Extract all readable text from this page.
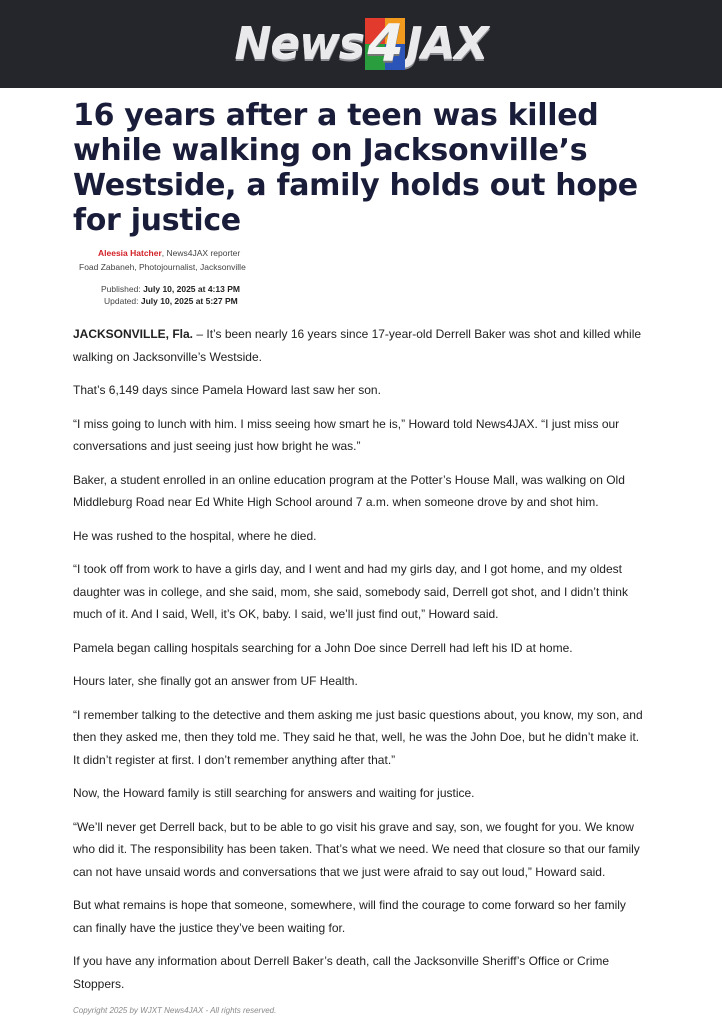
News 4 JAX
16 years after a teen was killed while walking on Jacksonville’s Westside, a family holds out hope for justice
Aleesia Hatcher, News4JAX reporter
Foad Zabaneh, Photojournalist, Jacksonville
Published: July 10, 2025 at 4:13 PM
Updated: July 10, 2025 at 5:27 PM

JACKSONVILLE, Fla. – It’s been nearly 16 years since 17-year-old Derrell Baker was shot and killed while walking on Jacksonville’s Westside.

That’s 6,149 days since Pamela Howard last saw her son.

“I miss going to lunch with him. I miss seeing how smart he is,” Howard told News4JAX. “I just miss our conversations and just seeing just how bright he was.”

Baker, a student enrolled in an online education program at the Potter’s House Mall, was walking on Old Middleburg Road near Ed White High School around 7 a.m. when someone drove by and shot him.

He was rushed to the hospital, where he died.

“I took off from work to have a girls day, and I went and had my girls day, and I got home, and my oldest daughter was in college, and she said, mom, she said, somebody said, Derrell got shot, and I didn’t think much of it. And I said, Well, it’s OK, baby. I said, we’ll just find out,” Howard said.

Pamela began calling hospitals searching for a John Doe since Derrell had left his ID at home.

Hours later, she finally got an answer from UF Health.

“I remember talking to the detective and them asking me just basic questions about, you know, my son, and then they asked me, then they told me. They said he that, well, he was the John Doe, but he didn’t make it. It didn’t register at first. I don’t remember anything after that.”

Now, the Howard family is still searching for answers and waiting for justice.

“We’ll never get Derrell back, but to be able to go visit his grave and say, son, we fought for you. We know who did it. The responsibility has been taken. That’s what we need. We need that closure so that our family can not have unsaid words and conversations that we just were afraid to say out loud,” Howard said.

But what remains is hope that someone, somewhere, will find the courage to come forward so her family can finally have the justice they’ve been waiting for.

If you have any information about Derrell Baker’s death, call the Jacksonville Sheriff’s Office or Crime Stoppers.

Copyright 2025 by WJXT News4JAX - All rights reserved.
